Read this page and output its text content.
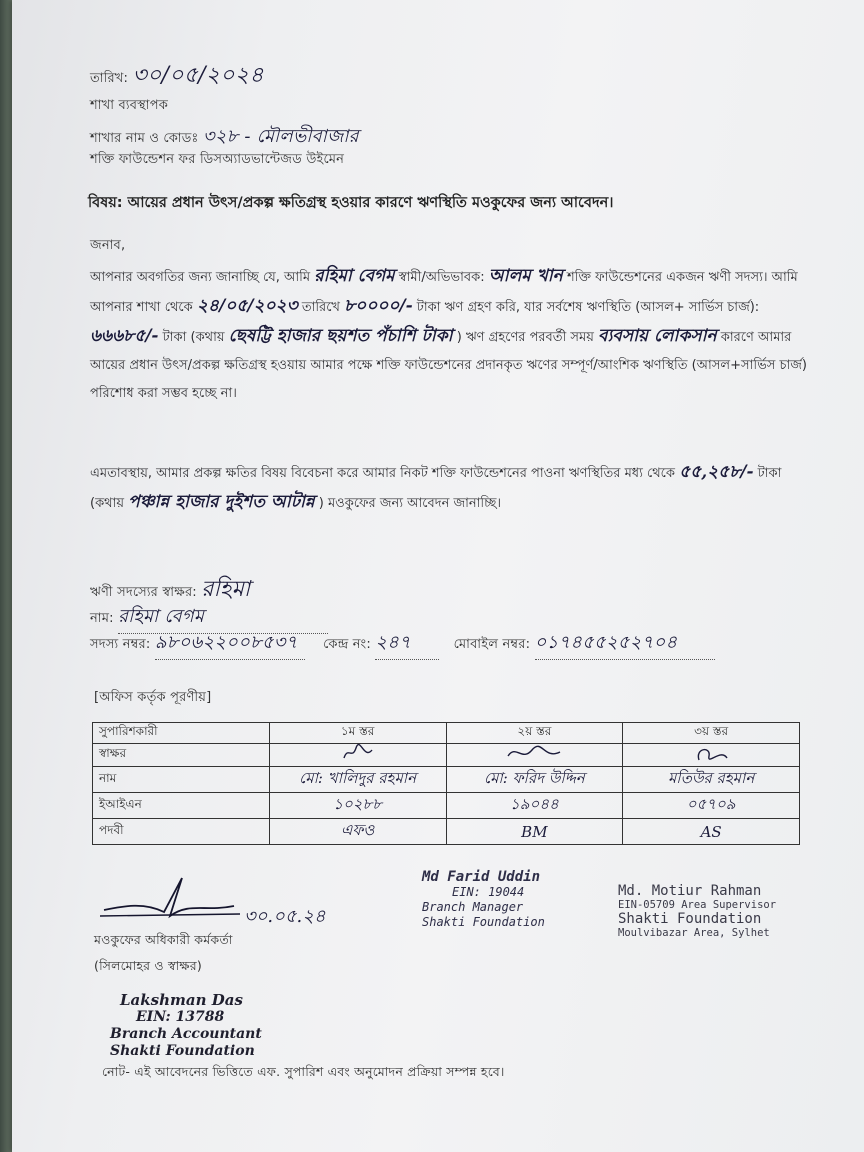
তারিখ: ৩০/০৫/২০২৪
শাখা ব্যবস্থাপক
শাখার নাম ও কোডঃ ৩২৮ - মৌলভীবাজার
শক্তি ফাউন্ডেশন ফর ডিসঅ্যাডভান্টেজড উইমেন
বিষয়: আয়ের প্রধান উৎস/প্রকল্প ক্ষতিগ্রস্থ হওয়ার কারণে ঋণস্থিতি মওকুফের জন্য আবেদন।
জনাব,
আপনার অবগতির জন্য জানাচ্ছি যে, আমি রহিমা বেগম স্বামী/অভিভাবক: আলম খান শক্তি ফাউন্ডেশনের একজন ঋণী সদস্য। আমি আপনার শাখা থেকে ২৪/০৫/২০২৩ তারিখে ৮০০০০/- টাকা ঋণ গ্রহণ করি, যার সর্বশেষ ঋণস্থিতি (আসল+ সার্ভিস চার্জ): ৬৬৬৮৫/- টাকা (কথায় ছেষট্টি হাজার ছয়শত পঁচাশি টাকা ) ঋণ গ্রহণের পরবর্তী সময় ব্যবসায় লোকসান কারণে আমার আয়ের প্রধান উৎস/প্রকল্প ক্ষতিগ্রস্থ হওয়ায় আমার পক্ষে শক্তি ফাউন্ডেশনের প্রদানকৃত ঋণের সম্পূর্ণ/আংশিক ঋণস্থিতি (আসল+সার্ভিস চার্জ) পরিশোধ করা সম্ভব হচ্ছে না।
এমতাবস্থায়, আমার প্রকল্প ক্ষতির বিষয় বিবেচনা করে আমার নিকট শক্তি ফাউন্ডেশনের পাওনা ঋণস্থিতির মধ্য থেকে ৫৫,২৫৮/- টাকা (কথায় পঞ্চান্ন হাজার দুইশত আটান্ন ) মওকুফের জন্য আবেদন জানাচ্ছি।
ঋণী সদস্যের স্বাক্ষর: রহিমা
নাম: রহিমা বেগম
সদস্য নম্বর: ৯৮০৬২২০০৮৫৩৭ কেন্দ্র নং: ২৪৭	মোবাইল নম্বর: ০১৭৪৫৫২৫২৭০৪
[অফিস কর্তৃক পূরণীয়]
সুপারিশকারী	১ম স্তর	২য় স্তর	৩য় স্তর
স্বাক্ষর			
নাম	মো: খালিদুর রহমান	মো: ফরিদ উদ্দিন	মতিউর রহমান
ইআইএন	১০২৮৮	১৯০৪৪	০৫৭০৯
পদবী	এফও	BM	AS
৩০.০৫.২৪
মওকুফের অধিকারী কর্মকর্তা
(সিলমোহর ও স্বাক্ষর)
Md Farid Uddin
EIN: 19044
Branch Manager
Shakti Foundation
Md. Motiur Rahman
EIN-05709 Area Supervisor
Shakti Foundation
Moulvibazar Area, Sylhet
Lakshman Das
EIN: 13788
Branch Accountant
Shakti Foundation
নোট- এই আবেদনের ভিত্তিতে এফ. সুপারিশ এবং অনুমোদন প্রক্রিয়া সম্পন্ন হবে।
